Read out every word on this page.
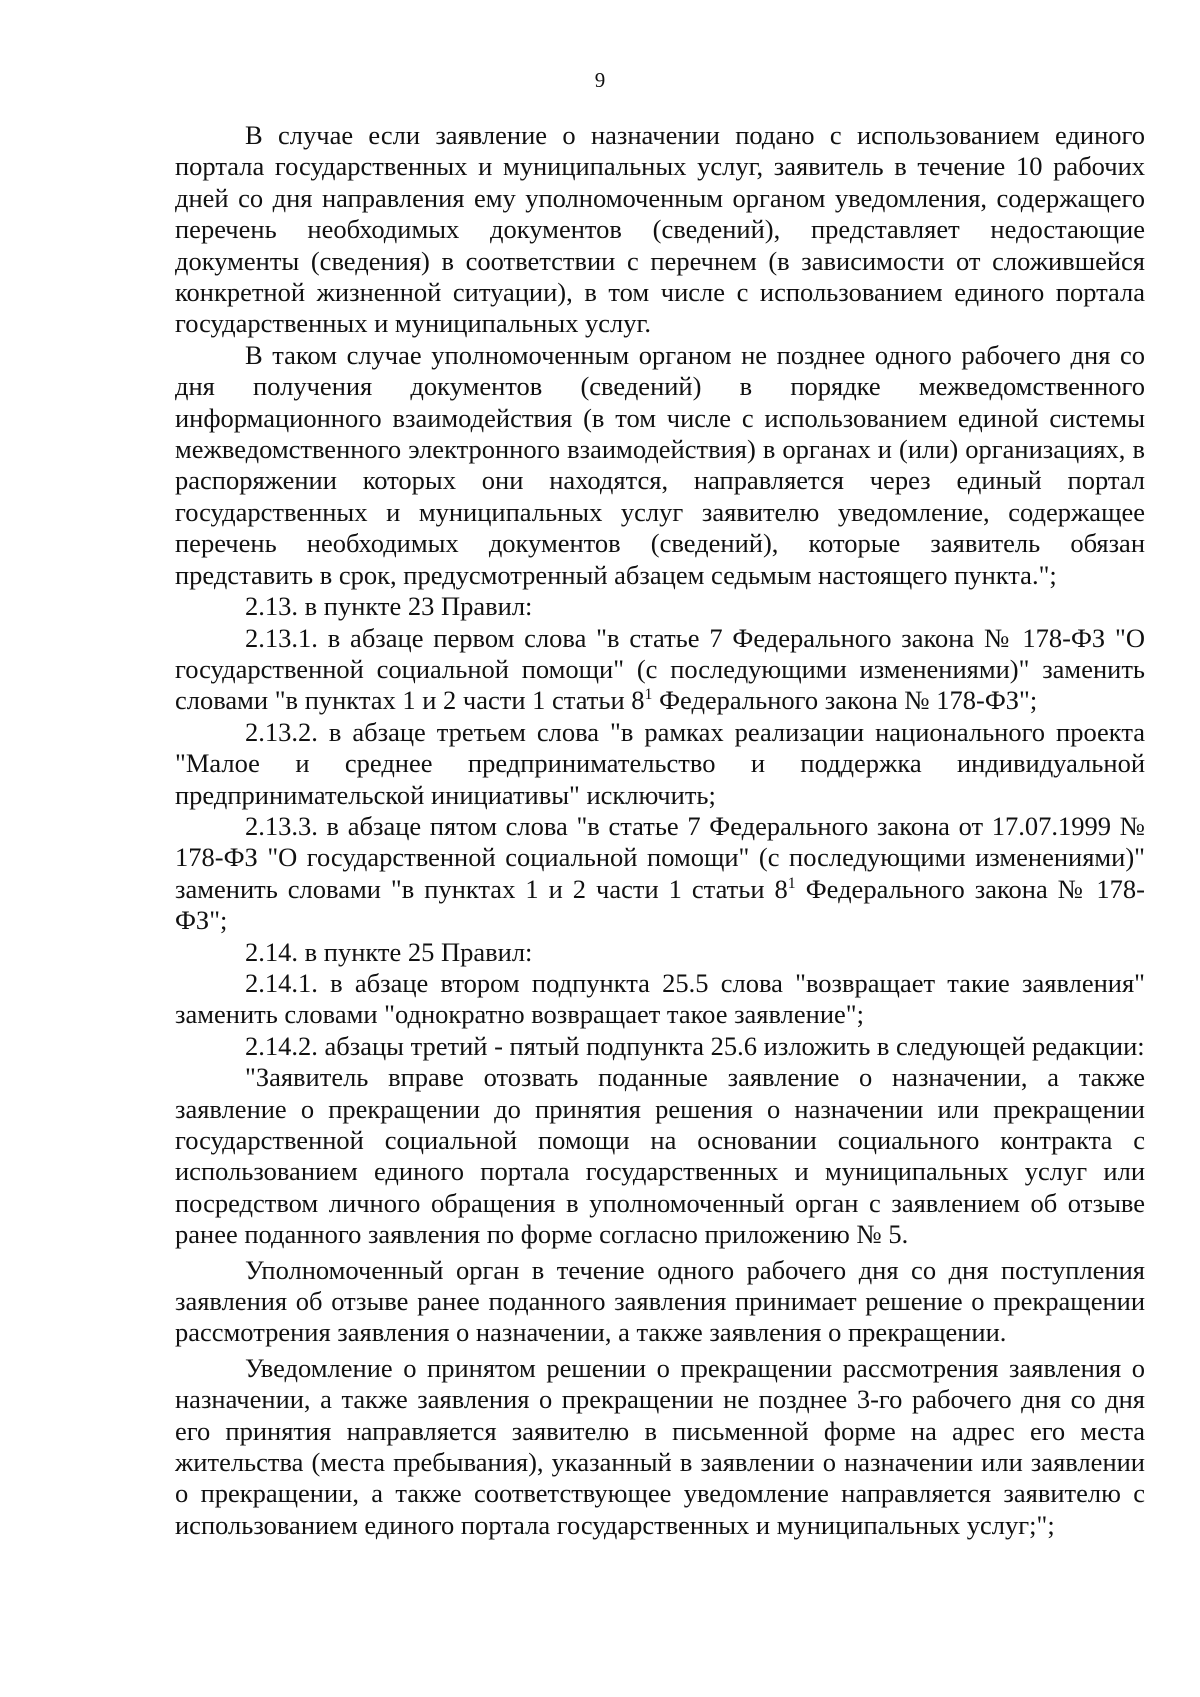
9

В случае если заявление о назначении подано с использованием единого портала государственных и муниципальных услуг, заявитель в течение 10 рабочих дней со дня направления ему уполномоченным органом уведомления, содержащего перечень необходимых документов (сведений), представляет недостающие документы (сведения) в соответствии с перечнем (в зависимости от сложившейся конкретной жизненной ситуации), в том числе с использованием единого портала государственных и муниципальных услуг.

В таком случае уполномоченным органом не позднее одного рабочего дня со дня получения документов (сведений) в порядке межведомственного информационного взаимодействия (в том числе с использованием единой системы межведомственного электронного взаимодействия) в органах и (или) организациях, в распоряжении которых они находятся, направляется через единый портал государственных и муниципальных услуг заявителю уведомление, содержащее перечень необходимых документов (сведений), которые заявитель обязан представить в срок, предусмотренный абзацем седьмым настоящего пункта.";

2.13. в пункте 23 Правил:

2.13.1. в абзаце первом слова "в статье 7 Федерального закона № 178-ФЗ "О государственной социальной помощи" (с последующими изменениями)" заменить словами "в пунктах 1 и 2 части 1 статьи $8^1$ Федерального закона № 178-ФЗ";

2.13.2. в абзаце третьем слова "в рамках реализации национального проекта "Малое и среднее предпринимательство и поддержка индивидуальной предпринимательской инициативы" исключить;

2.13.3. в абзаце пятом слова "в статье 7 Федерального закона от 17.07.1999 № 178-ФЗ "О государственной социальной помощи" (с последующими изменениями)" заменить словами "в пунктах 1 и 2 части 1 статьи $8^1$ Федерального закона № 178-ФЗ";

2.14. в пункте 25 Правил:

2.14.1. в абзаце втором подпункта 25.5 слова "возвращает такие заявления" заменить словами "однократно возвращает такое заявление";

2.14.2. абзацы третий - пятый подпункта 25.6 изложить в следующей редакции:

"Заявитель вправе отозвать поданные заявление о назначении, а также заявление о прекращении до принятия решения о назначении или прекращении государственной социальной помощи на основании социального контракта с использованием единого портала государственных и муниципальных услуг или посредством личного обращения в уполномоченный орган с заявлением об отзыве ранее поданного заявления по форме согласно приложению № 5.

Уполномоченный орган в течение одного рабочего дня со дня поступления заявления об отзыве ранее поданного заявления принимает решение о прекращении рассмотрения заявления о назначении, а также заявления о прекращении.

Уведомление о принятом решении о прекращении рассмотрения заявления о назначении, а также заявления о прекращении не позднее 3-го рабочего дня со дня его принятия направляется заявителю в письменной форме на адрес его места жительства (места пребывания), указанный в заявлении о назначении или заявлении о прекращении, а также соответствующее уведомление направляется заявителю с использованием единого портала государственных и муниципальных услуг;";
